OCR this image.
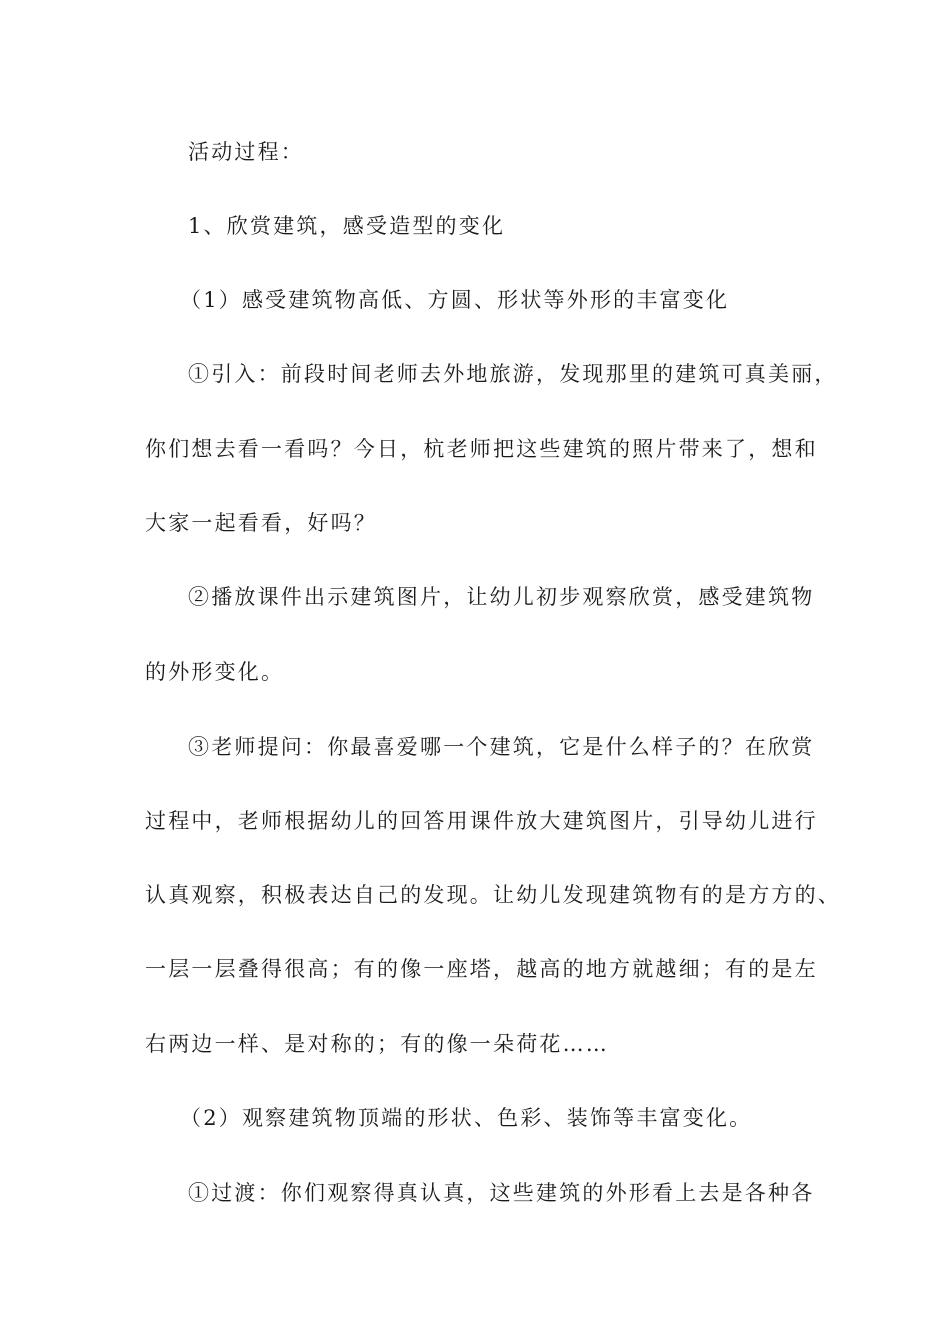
活动过程：
1、欣赏建筑，感受造型的变化
（1）感受建筑物高低、方圆、形状等外形的丰富变化
①引入：前段时间老师去外地旅游，发现那里的建筑可真美丽，
你们想去看一看吗？今日，杭老师把这些建筑的照片带来了，想和
大家一起看看，好吗？
②播放课件出示建筑图片，让幼儿初步观察欣赏，感受建筑物
的外形变化。
③老师提问：你最喜爱哪一个建筑，它是什么样子的？在欣赏
过程中，老师根据幼儿的回答用课件放大建筑图片，引导幼儿进行
认真观察，积极表达自己的发现。让幼儿发现建筑物有的是方方的、
一层一层叠得很高；有的像一座塔，越高的地方就越细；有的是左
右两边一样、是对称的；有的像一朵荷花……
（2）观察建筑物顶端的形状、色彩、装饰等丰富变化。
①过渡：你们观察得真认真，这些建筑的外形看上去是各种各
